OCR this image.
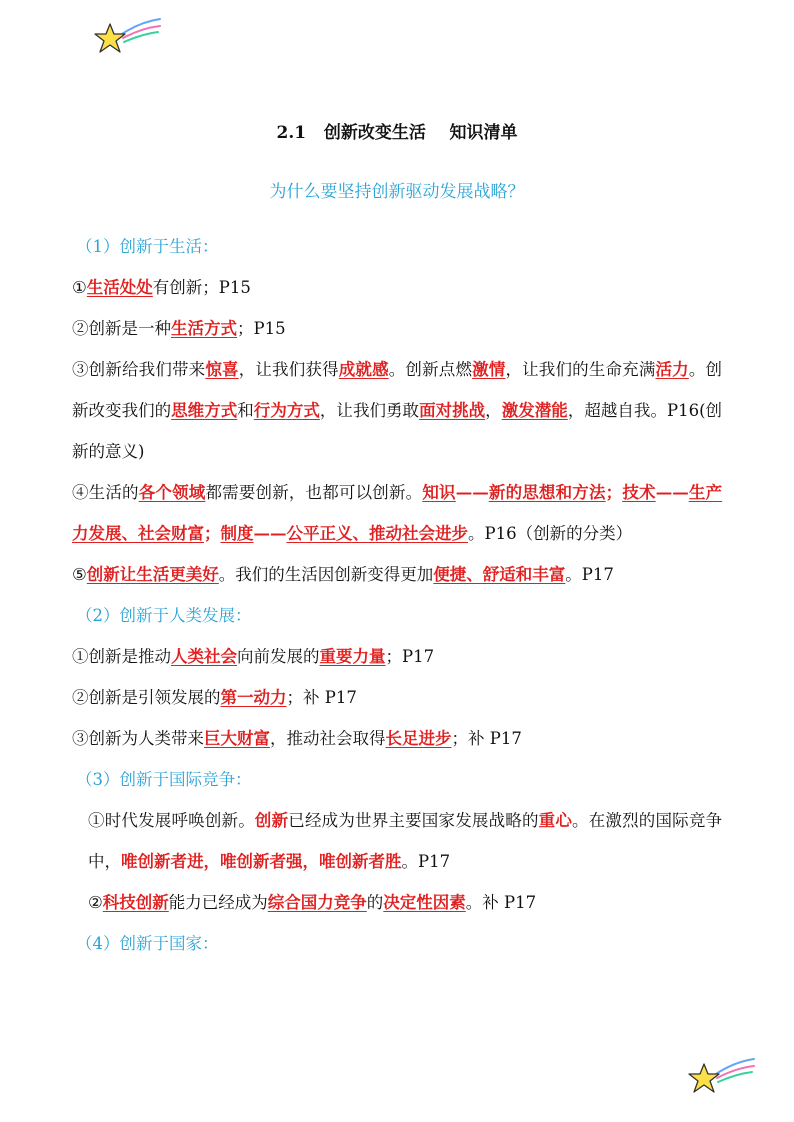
2.1   创新改变生活    知识清单
为什么要坚持创新驱动发展战略？

（1）创新于生活：

①生活处处有创新；P15

②创新是一种生活方式；P15

③创新给我们带来惊喜，让我们获得成就感。创新点燃激情，让我们的生命充满活力。创新改变我们的思维方式和行为方式，让我们勇敢面对挑战，激发潜能，超越自我。P16(创新的意义)

④生活的各个领域都需要创新，也都可以创新。知识——新的思想和方法；技术——生产力发展、社会财富；制度——公平正义、推动社会进步。P16（创新的分类）

⑤创新让生活更美好。我们的生活因创新变得更加便捷、舒适和丰富。P17

（2）创新于人类发展：

①创新是推动人类社会向前发展的重要力量；P17

②创新是引领发展的第一动力；补 P17

③创新为人类带来巨大财富，推动社会取得长足进步；补 P17

（3）创新于国际竞争：

①时代发展呼唤创新。创新已经成为世界主要国家发展战略的重心。在激烈的国际竞争中，唯创新者进，唯创新者强，唯创新者胜。P17

②科技创新能力已经成为综合国力竞争的决定性因素。补 P17

（4）创新于国家：
